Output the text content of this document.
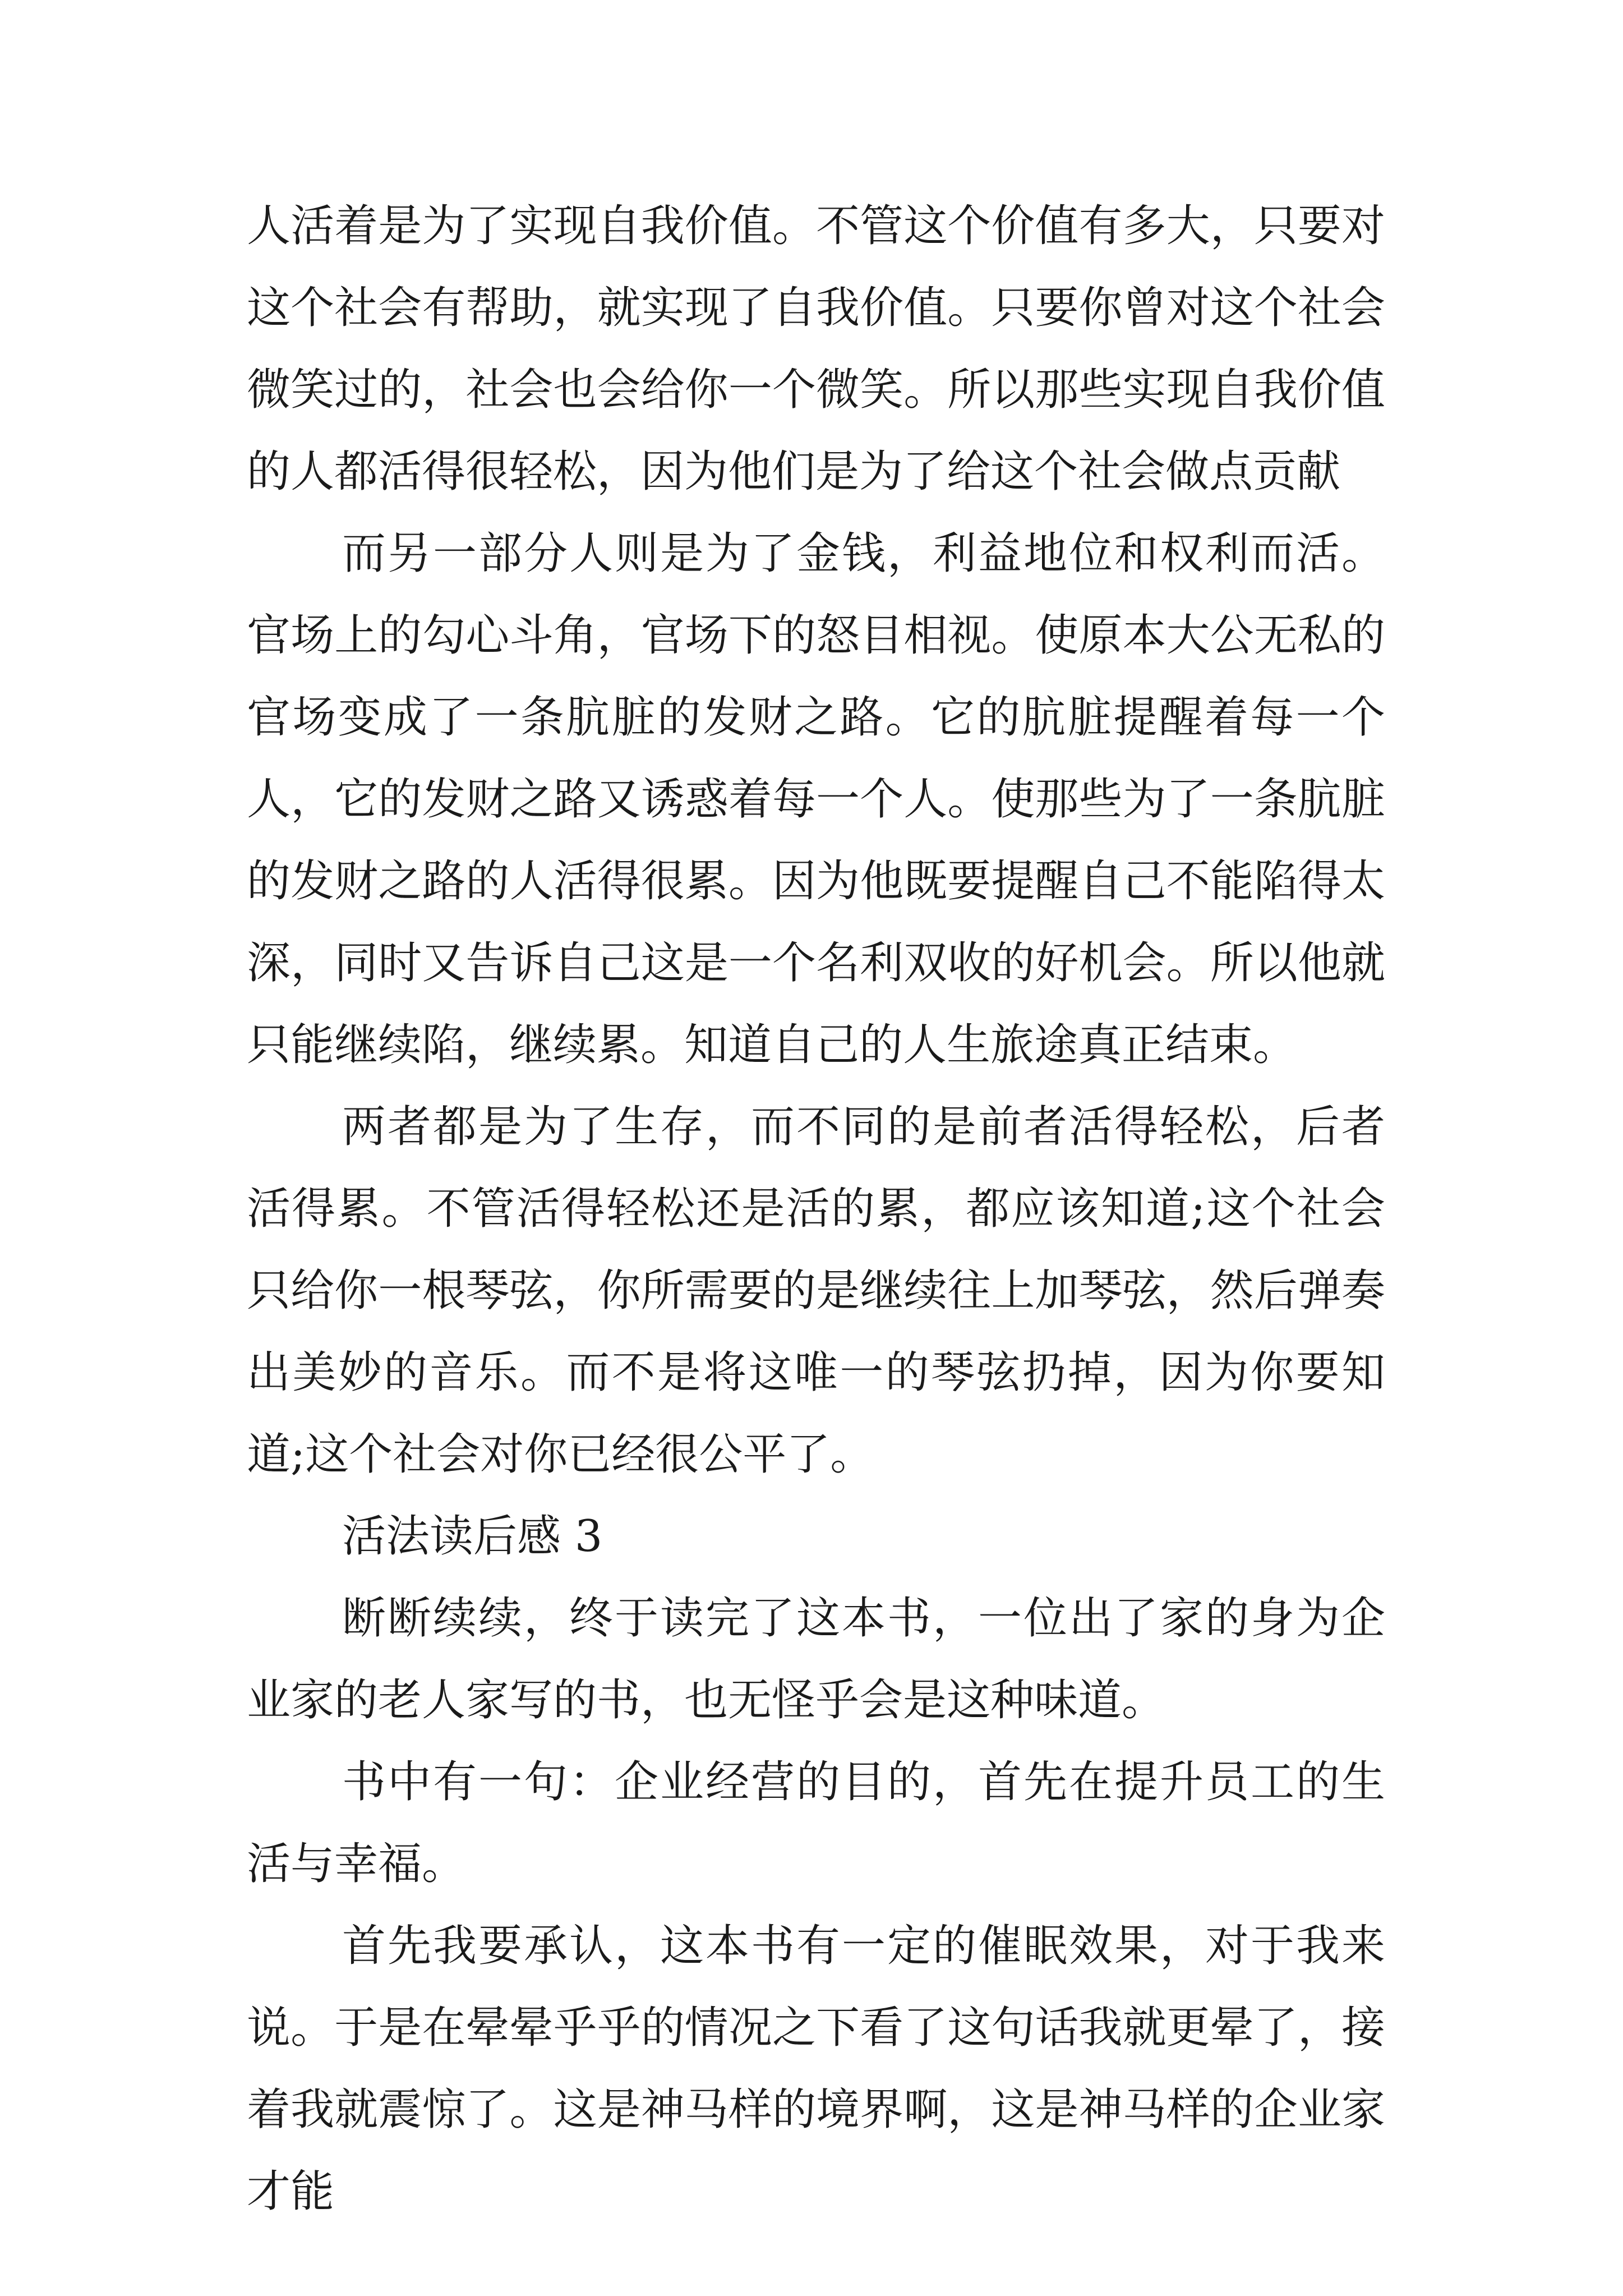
人活着是为了实现自我价值。不管这个价值有多大，只要对这个社会有帮助，就实现了自我价值。只要你曾对这个社会微笑过的，社会也会给你一个微笑。所以那些实现自我价值的人都活得很轻松，因为他们是为了给这个社会做点贡献

而另一部分人则是为了金钱，利益地位和权利而活。官场上的勾心斗角，官场下的怒目相视。使原本大公无私的官场变成了一条肮脏的发财之路。它的肮脏提醒着每一个人，它的发财之路又诱惑着每一个人。使那些为了一条肮脏的发财之路的人活得很累。因为他既要提醒自己不能陷得太深，同时又告诉自己这是一个名利双收的好机会。所以他就只能继续陷，继续累。知道自己的人生旅途真正结束。

两者都是为了生存，而不同的是前者活得轻松，后者活得累。不管活得轻松还是活的累，都应该知道;这个社会只给你一根琴弦，你所需要的是继续往上加琴弦，然后弹奏出美妙的音乐。而不是将这唯一的琴弦扔掉，因为你要知道;这个社会对你已经很公平了。

活法读后感 3

断断续续，终于读完了这本书，一位出了家的身为企业家的老人家写的书，也无怪乎会是这种味道。

书中有一句：企业经营的目的，首先在提升员工的生活与幸福。

首先我要承认，这本书有一定的催眠效果，对于我来说。于是在晕晕乎乎的情况之下看了这句话我就更晕了，接着我就震惊了。这是神马样的境界啊，这是神马样的企业家才能
